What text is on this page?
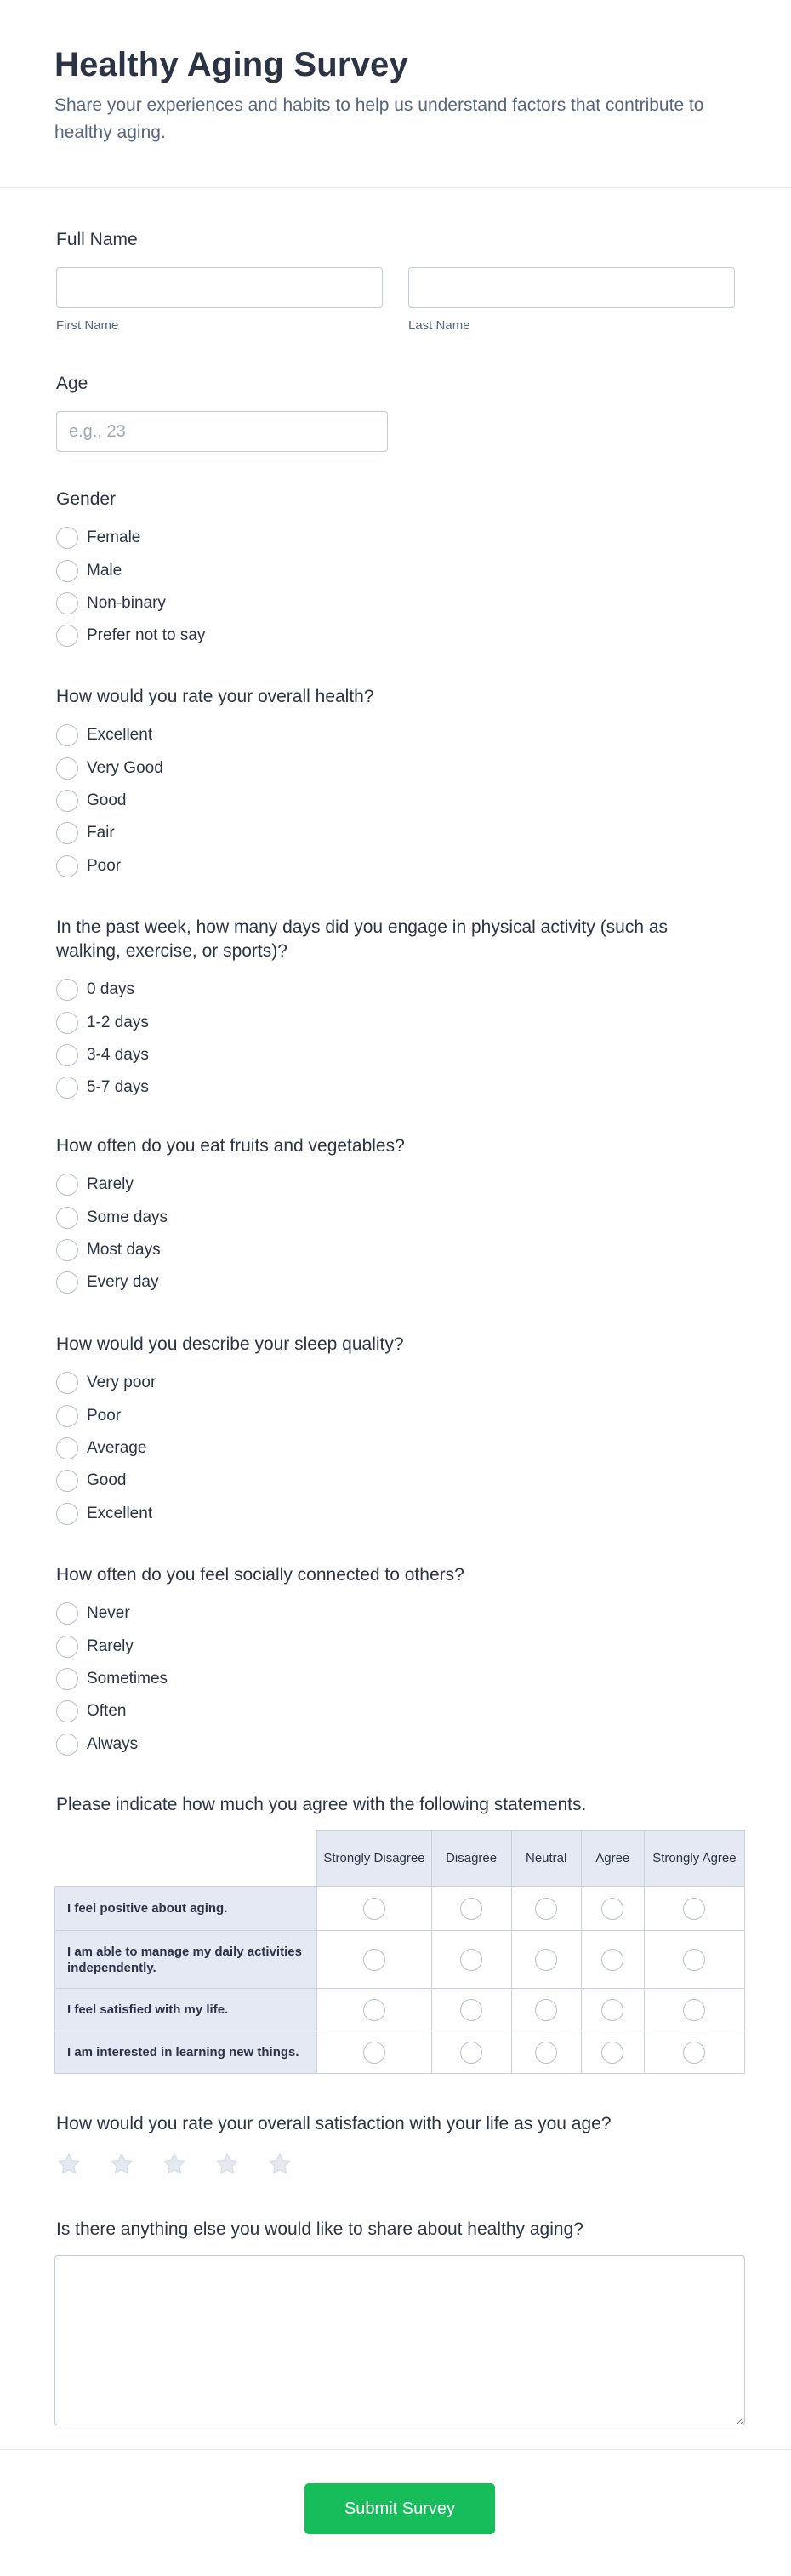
Healthy Aging Survey

Share your experiences and habits to help us understand factors that contribute to healthy aging.

Full Name
First Name	Last Name
Age
e.g., 23
Gender
Female
Male
Non-binary
Prefer not to say
How would you rate your overall health?
Excellent
Very Good
Good
Fair
Poor
In the past week, how many days did you engage in physical activity (such as walking, exercise, or sports)?
0 days
1-2 days
3-4 days
5-7 days
How often do you eat fruits and vegetables?
Rarely
Some days
Most days
Every day
How would you describe your sleep quality?
Very poor
Poor
Average
Good
Excellent
How often do you feel socially connected to others?
Never
Rarely
Sometimes
Often
Always
Please indicate how much you agree with the following statements.
	Strongly Disagree	Disagree	Neutral	Agree	Strongly Agree
I feel positive about aging.					
I am able to manage my daily activities independently.					
I feel satisfied with my life.					
I am interested in learning new things.					
How would you rate your overall satisfaction with your life as you age?
Is there anything else you would like to share about healthy aging?
Submit Survey
